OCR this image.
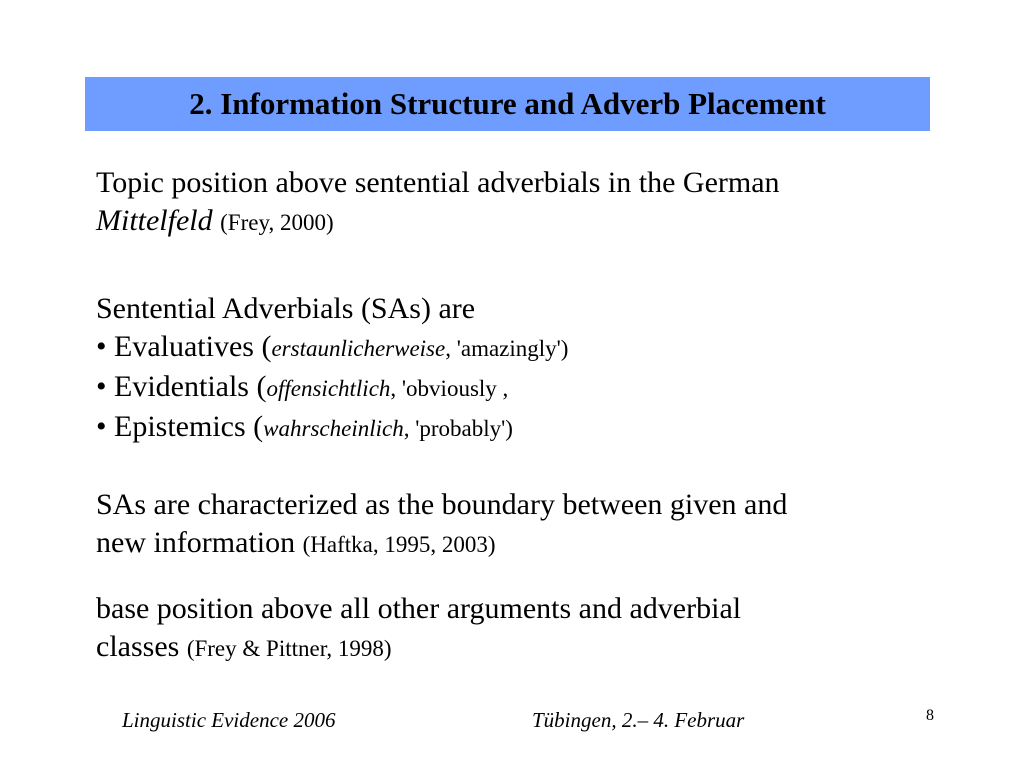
2. Information Structure and Adverb Placement
Topic position above sentential adverbials in the German
Mittelfeld (Frey, 2000)
Sentential Adverbials (SAs) are
• Evaluatives (erstaunlicherweise, 'amazingly')
• Evidentials (offensichtlich, 'obviously ,
• Epistemics (wahrscheinlich, 'probably')
SAs are characterized as the boundary between given and
new information (Haftka, 1995, 2003)
base position above all other arguments and adverbial
classes (Frey & Pittner, 1998)
Linguistic Evidence 2006	Tübingen, 2.– 4. Februar	8
